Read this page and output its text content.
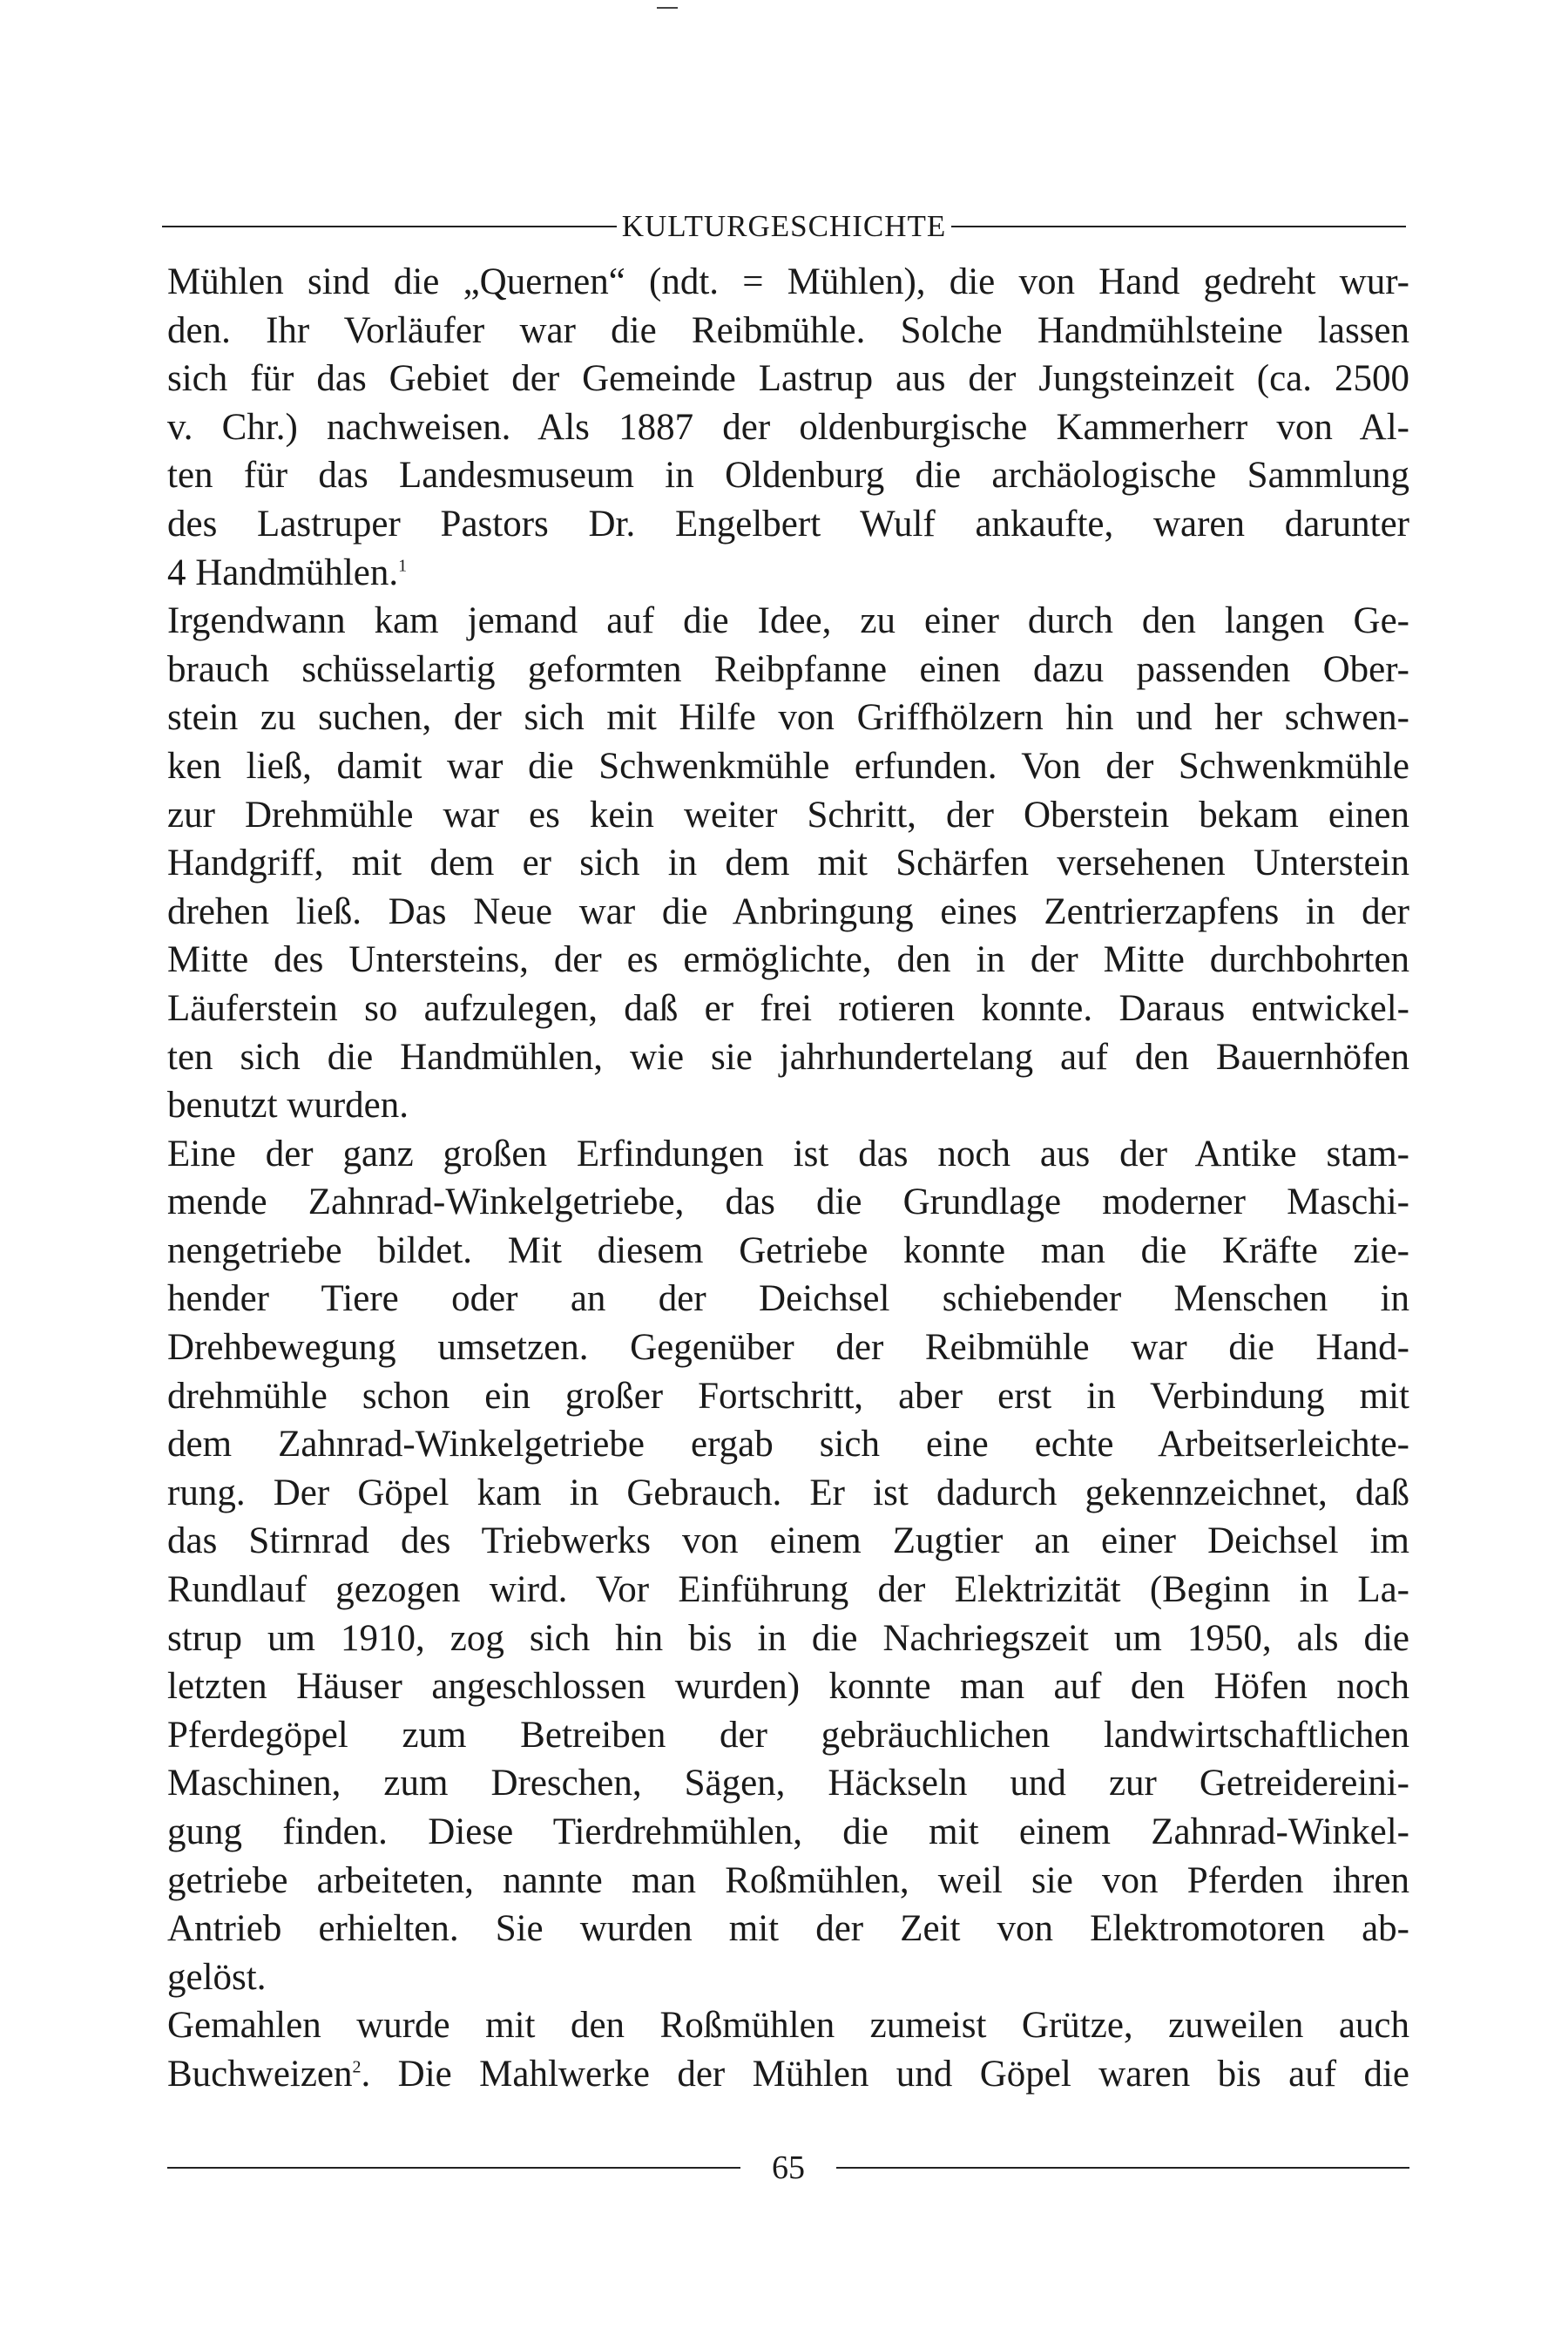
KULTURGESCHICHTE
Mühlen sind die „Quernen“ (ndt. = Mühlen), die von Hand gedreht wur-
den. Ihr Vorläufer war die Reibmühle. Solche Handmühlsteine lassen
sich für das Gebiet der Gemeinde Lastrup aus der Jungsteinzeit (ca. 2500
v. Chr.) nachweisen. Als 1887 der oldenburgische Kammerherr von Al-
ten für das Landesmuseum in Oldenburg die archäologische Sammlung
des Lastruper Pastors Dr. Engelbert Wulf ankaufte, waren darunter
4 Handmühlen.$^1$
Irgendwann kam jemand auf die Idee, zu einer durch den langen Ge-
brauch schüsselartig geformten Reibpfanne einen dazu passenden Ober-
stein zu suchen, der sich mit Hilfe von Griffhölzern hin und her schwen-
ken ließ, damit war die Schwenkmühle erfunden. Von der Schwenkmühle
zur Drehmühle war es kein weiter Schritt, der Oberstein bekam einen
Handgriff, mit dem er sich in dem mit Schärfen versehenen Unterstein
drehen ließ. Das Neue war die Anbringung eines Zentrierzapfens in der
Mitte des Untersteins, der es ermöglichte, den in der Mitte durchbohrten
Läuferstein so aufzulegen, daß er frei rotieren konnte. Daraus entwickel-
ten sich die Handmühlen, wie sie jahrhundertelang auf den Bauernhöfen
benutzt wurden.
Eine der ganz großen Erfindungen ist das noch aus der Antike stam-
mende Zahnrad-Winkelgetriebe, das die Grundlage moderner Maschi-
nengetriebe bildet. Mit diesem Getriebe konnte man die Kräfte zie-
hender Tiere oder an der Deichsel schiebender Menschen in
Drehbewegung umsetzen. Gegenüber der Reibmühle war die Hand-
drehmühle schon ein großer Fortschritt, aber erst in Verbindung mit
dem Zahnrad-Winkelgetriebe ergab sich eine echte Arbeitserleichte-
rung. Der Göpel kam in Gebrauch. Er ist dadurch gekennzeichnet, daß
das Stirnrad des Triebwerks von einem Zugtier an einer Deichsel im
Rundlauf gezogen wird. Vor Einführung der Elektrizität (Beginn in La-
strup um 1910, zog sich hin bis in die Nachriegszeit um 1950, als die
letzten Häuser angeschlossen wurden) konnte man auf den Höfen noch
Pferdegöpel zum Betreiben der gebräuchlichen landwirtschaftlichen
Maschinen, zum Dreschen, Sägen, Häckseln und zur Getreidereini-
gung finden. Diese Tierdrehmühlen, die mit einem Zahnrad-Winkel-
getriebe arbeiteten, nannte man Roßmühlen, weil sie von Pferden ihren
Antrieb erhielten. Sie wurden mit der Zeit von Elektromotoren ab-
gelöst.
Gemahlen wurde mit den Roßmühlen zumeist Grütze, zuweilen auch
Buchweizen$^2$. Die Mahlwerke der Mühlen und Göpel waren bis auf die
65
